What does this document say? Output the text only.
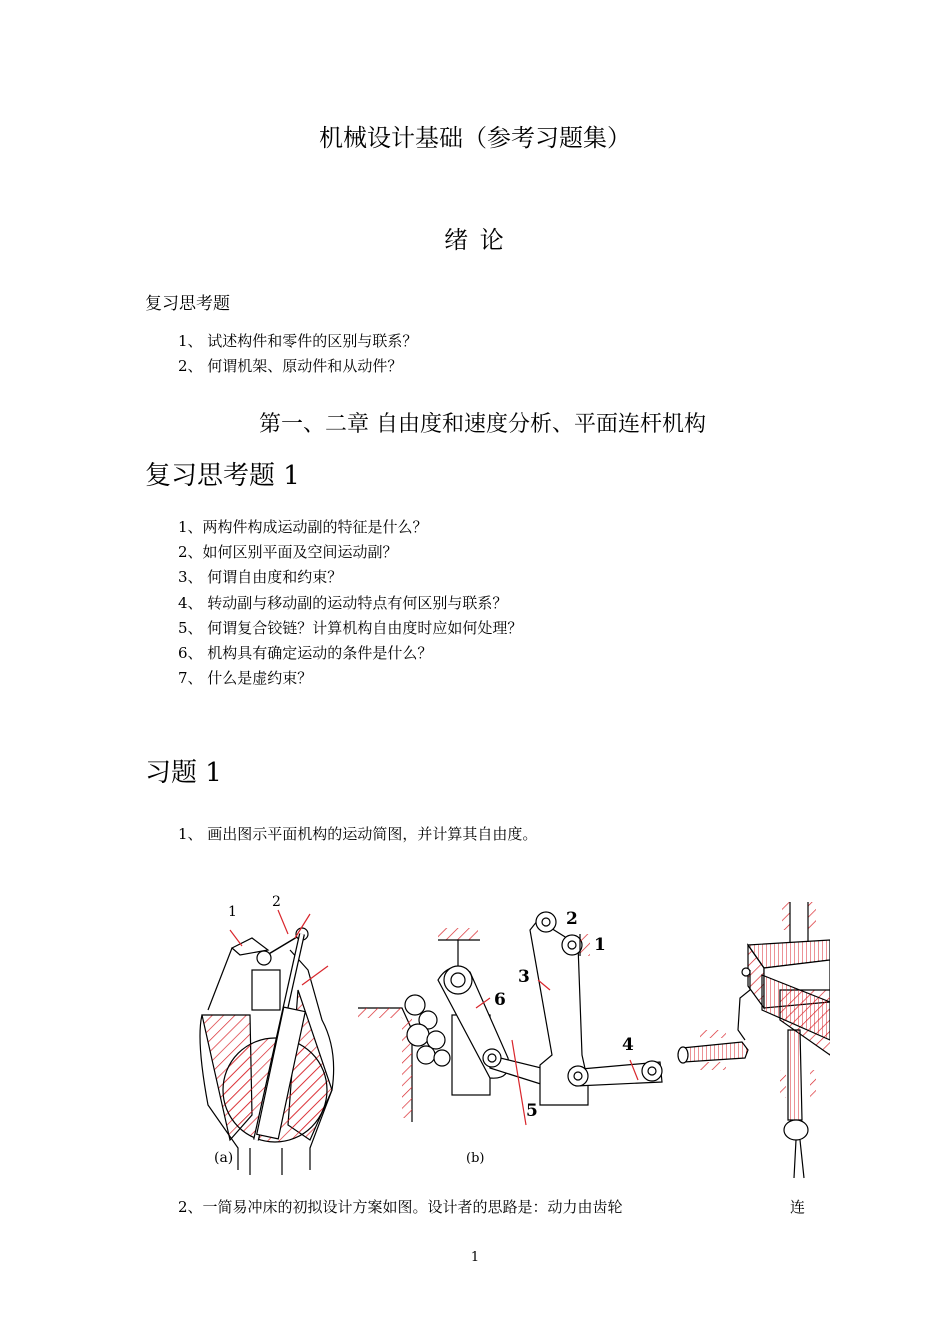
机械设计基础（参考习题集）
绪 论
复习思考题
1、 试述构件和零件的区别与联系？
2、 何谓机架、原动件和从动件？
第一、二章 自由度和速度分析、平面连杆机构
复习思考题 1
1、两构件构成运动副的特征是什么？
2、如何区别平面及空间运动副？
3、 何谓自由度和约束？
4、 转动副与移动副的运动特点有何区别与联系？
5、 何谓复合铰链？计算机构自由度时应如何处理？
6、 机构具有确定运动的条件是什么？
7、 什么是虚约束？
习题 1
1、 画出图示平面机构的运动简图，并计算其自由度。
1
2
(a)
2
1
3
6
4
5
(b)
2、一简易冲床的初拟设计方案如图。设计者的思路是：动力由齿轮	连
1
